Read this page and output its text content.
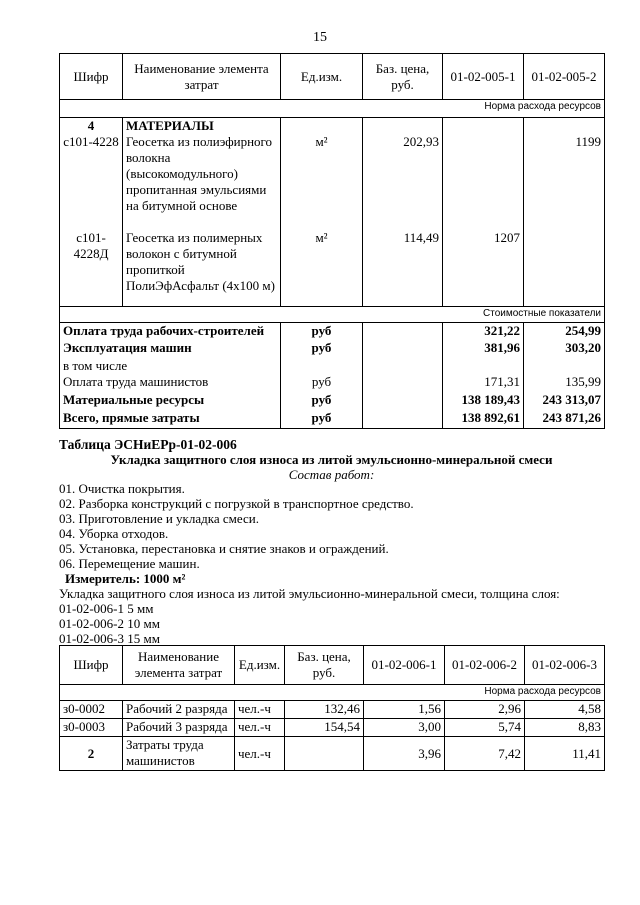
15
Шифр	Наименование элемента затрат	Ед.изм.	Баз. цена, руб.	01-02-005-1	01-02-005-2
Норма расхода ресурсов					
4	МАТЕРИАЛЫ				
с101-4228	Геосетка из полиэфирного волокна (высокомодульного) пропитанная эмульсиями на битумной основе	м²	202,93		1199
с101-4228Д	Геосетка из полимерных волокон с битумной пропиткой ПолиЭфАсфальт (4х100 м)	м²	114,49	1207	
Стоимостные показатели					
Оплата труда рабочих-строителей		руб		321,22	254,99
Эксплуатация машин		руб		381,96	303,20
в том числе					
Оплата труда машинистов		руб		171,31	135,99
Материальные ресурсы		руб		138 189,43	243 313,07
Всего, прямые затраты		руб		138 892,61	243 871,26
Таблица ЭСНиЕРр-01-02-006
Укладка защитного слоя износа из литой эмульсионно-минеральной смеси
Состав работ:
01. Очистка покрытия.
02. Разборка конструкций с погрузкой в транспортное средство.
03. Приготовление и укладка смеси.
04. Уборка отходов.
05. Установка, перестановка и снятие знаков и ограждений.
06. Перемещение машин.
Измеритель: 1000 м²
Укладка защитного слоя износа из литой эмульсионно-минеральной смеси, толщина слоя:
01-02-006-1 5 мм
01-02-006-2 10 мм
01-02-006-3 15 мм
Шифр	Наименование элемента затрат	Ед.изм.	Баз. цена, руб.	01-02-006-1	01-02-006-2	01-02-006-3
Норма расхода ресурсов						
з0-0002	Рабочий 2 разряда	чел.-ч	132,46	1,56	2,96	4,58
з0-0003	Рабочий 3 разряда	чел.-ч	154,54	3,00	5,74	8,83
2	Затраты труда машинистов	чел.-ч		3,96	7,42	11,41
